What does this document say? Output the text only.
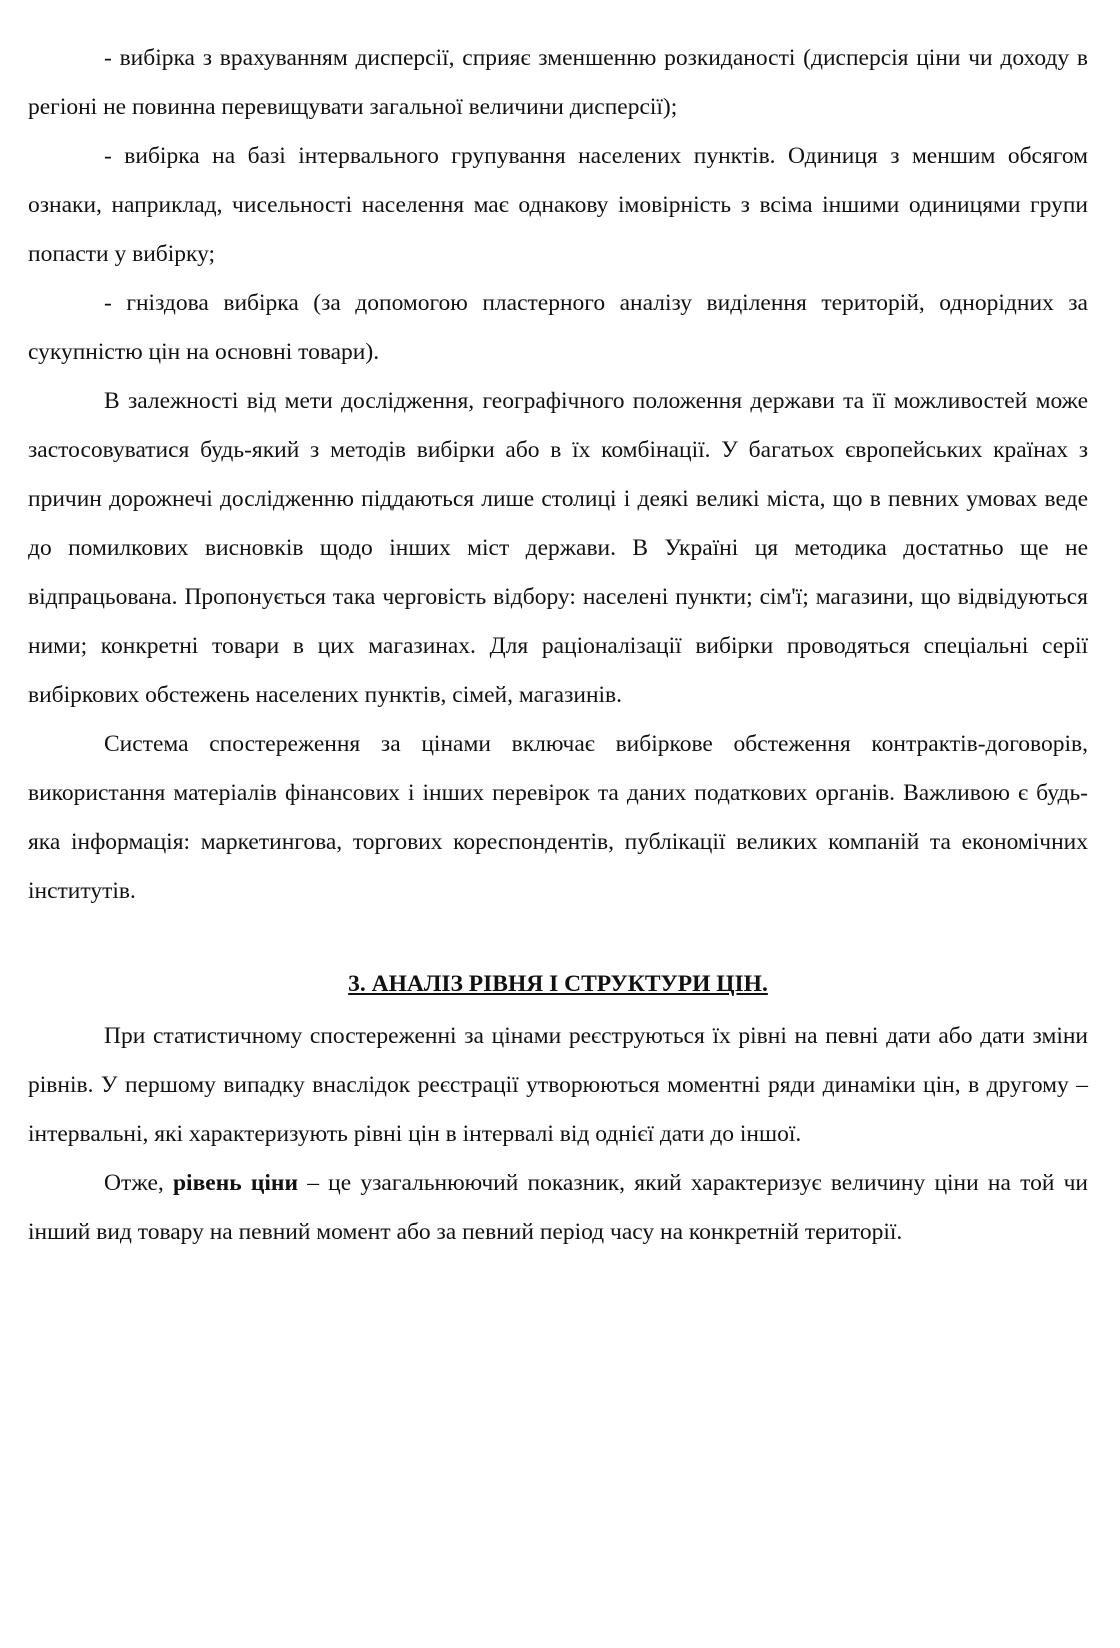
- вибірка з врахуванням дисперсії, сприяє зменшенню розкиданості (дисперсія ціни чи доходу в регіоні не повинна перевищувати загальної величини дисперсії);

- вибірка на базі інтервального групування населених пунктів. Одиниця з меншим обсягом ознаки, наприклад, чисельності населення має однакову імовірність з всіма іншими одиницями групи попасти у вибірку;

- гніздова вибірка (за допомогою пластерного аналізу виділення територій, однорідних за сукупністю цін на основні товари).

В залежності від мети дослідження, географічного положення держави та її можливостей може застосовуватися будь-який з методів вибірки або в їх комбінації. У багатьох європейських країнах з причин дорожнечі дослідженню піддаються лише столиці і деякі великі міста, що в певних умовах веде до помилкових висновків щодо інших міст держави. В Україні ця методика достатньо ще не відпрацьована. Пропонується така черговість відбору: населені пункти; сім'ї; магазини, що відвідуються ними; конкретні товари в цих магазинах. Для раціоналізації вибірки проводяться спеціальні серії вибіркових обстежень населених пунктів, сімей, магазинів.

Система спостереження за цінами включає вибіркове обстеження контрактів-договорів, використання матеріалів фінансових і інших перевірок та даних податкових органів. Важливою є будь-яка інформація: маркетингова, торгових кореспондентів, публікації великих компаній та економічних інститутів.

3. АНАЛІЗ РІВНЯ І СТРУКТУРИ ЦІН.

При статистичному спостереженні за цінами реєструються їх рівні на певні дати або дати зміни рівнів. У першому випадку внаслідок реєстрації утворюються моментні ряди динаміки цін, в другому – інтервальні, які характеризують рівні цін в інтервалі від однієї дати до іншої.

Отже, рівень ціни – це узагальнюючий показник, який характеризує величину ціни на той чи інший вид товару на певний момент або за певний період часу на конкретній території.
